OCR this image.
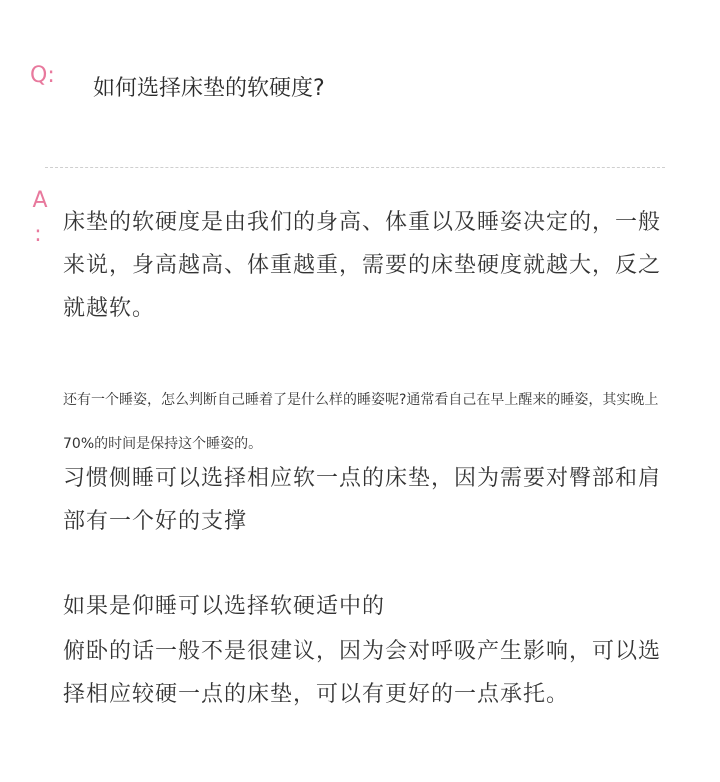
Q:
如何选择床垫的软硬度?
A
: 床垫的软硬度是由我们的身高、体重以及睡姿决定的，一般来说，身高越高、体重越重，需要的床垫硬度就越大，反之就越软。
还有一个睡姿，怎么判断自己睡着了是什么样的睡姿呢?通常看自己在早上醒来的睡姿，其实晚上70%的时间是保持这个睡姿的。
习惯侧睡可以选择相应软一点的床垫，因为需要对臀部和肩部有一个好的支撑
如果是仰睡可以选择软硬适中的
俯卧的话一般不是很建议，因为会对呼吸产生影响，可以选择相应较硬一点的床垫，可以有更好的一点承托。
